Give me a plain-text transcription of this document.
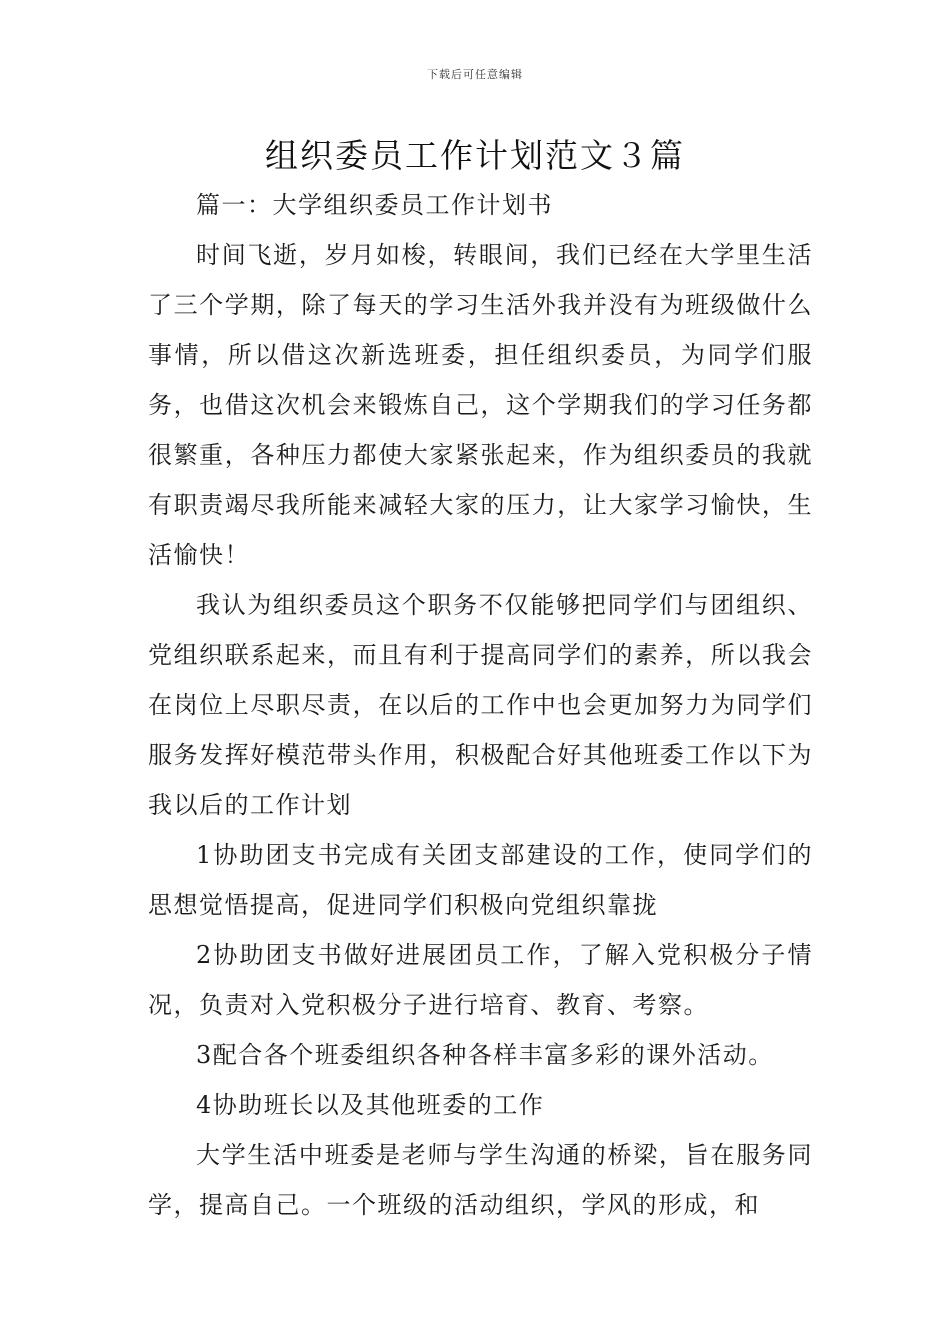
下载后可任意编辑
组织委员工作计划范文３篇

篇一：大学组织委员工作计划书

时间飞逝，岁月如梭，转眼间，我们已经在大学里生活了三个学期，除了每天的学习生活外我并没有为班级做什么事情，所以借这次新选班委，担任组织委员，为同学们服务，也借这次机会来锻炼自己，这个学期我们的学习任务都很繁重，各种压力都使大家紧张起来，作为组织委员的我就有职责竭尽我所能来减轻大家的压力，让大家学习愉快，生活愉快！

我认为组织委员这个职务不仅能够把同学们与团组织、党组织联系起来，而且有利于提高同学们的素养，所以我会在岗位上尽职尽责，在以后的工作中也会更加努力为同学们服务发挥好模范带头作用，积极配合好其他班委工作以下为我以后的工作计划

1协助团支书完成有关团支部建设的工作，使同学们的思想觉悟提高，促进同学们积极向党组织靠拢

2协助团支书做好进展团员工作，了解入党积极分子情况，负责对入党积极分子进行培育、教育、考察。

3配合各个班委组织各种各样丰富多彩的课外活动。

4协助班长以及其他班委的工作

大学生活中班委是老师与学生沟通的桥梁，旨在服务同学，提高自己。一个班级的活动组织，学风的形成，和
